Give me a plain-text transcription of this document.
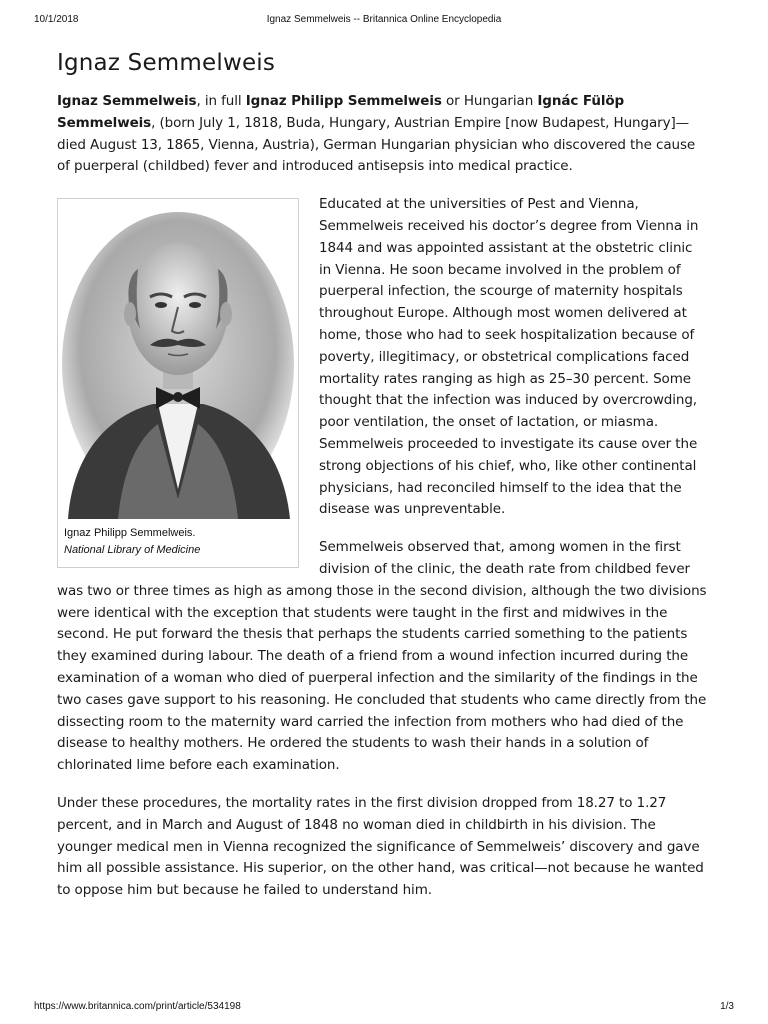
10/1/2018	Ignaz Semmelweis -- Britannica Online Encyclopedia
Ignaz Semmelweis

Ignaz Semmelweis, in full Ignaz Philipp Semmelweis or Hungarian Ignác Fülöp Semmelweis, (born July 1, 1818, Buda, Hungary, Austrian Empire [now Budapest, Hungary]—died August 13, 1865, Vienna, Austria), German Hungarian physician who discovered the cause of puerperal (childbed) fever and introduced antisepsis into medical practice.

Ignaz Philipp Semmelweis.
National Library of Medicine

Educated at the universities of Pest and Vienna, Semmelweis received his doctor’s degree from Vienna in 1844 and was appointed assistant at the obstetric clinic in Vienna. He soon became involved in the problem of puerperal infection, the scourge of maternity hospitals throughout Europe. Although most women delivered at home, those who had to seek hospitalization because of poverty, illegitimacy, or obstetrical complications faced mortality rates ranging as high as 25–30 percent. Some thought that the infection was induced by overcrowding, poor ventilation, the onset of lactation, or miasma. Semmelweis proceeded to investigate its cause over the strong objections of his chief, who, like other continental physicians, had reconciled himself to the idea that the disease was unpreventable.

Semmelweis observed that, among women in the first division of the clinic, the death rate from childbed fever was two or three times as high as among those in the second division, although the two divisions were identical with the exception that students were taught in the first and midwives in the second. He put forward the thesis that perhaps the students carried something to the patients they examined during labour. The death of a friend from a wound infection incurred during the examination of a woman who died of puerperal infection and the similarity of the findings in the two cases gave support to his reasoning. He concluded that students who came directly from the dissecting room to the maternity ward carried the infection from mothers who had died of the disease to healthy mothers. He ordered the students to wash their hands in a solution of chlorinated lime before each examination.

Under these procedures, the mortality rates in the first division dropped from 18.27 to 1.27 percent, and in March and August of 1848 no woman died in childbirth in his division. The younger medical men in Vienna recognized the significance of Semmelweis’ discovery and gave him all possible assistance. His superior, on the other hand, was critical—not because he wanted to oppose him but because he failed to understand him.

https://www.britannica.com/print/article/534198	1/3
